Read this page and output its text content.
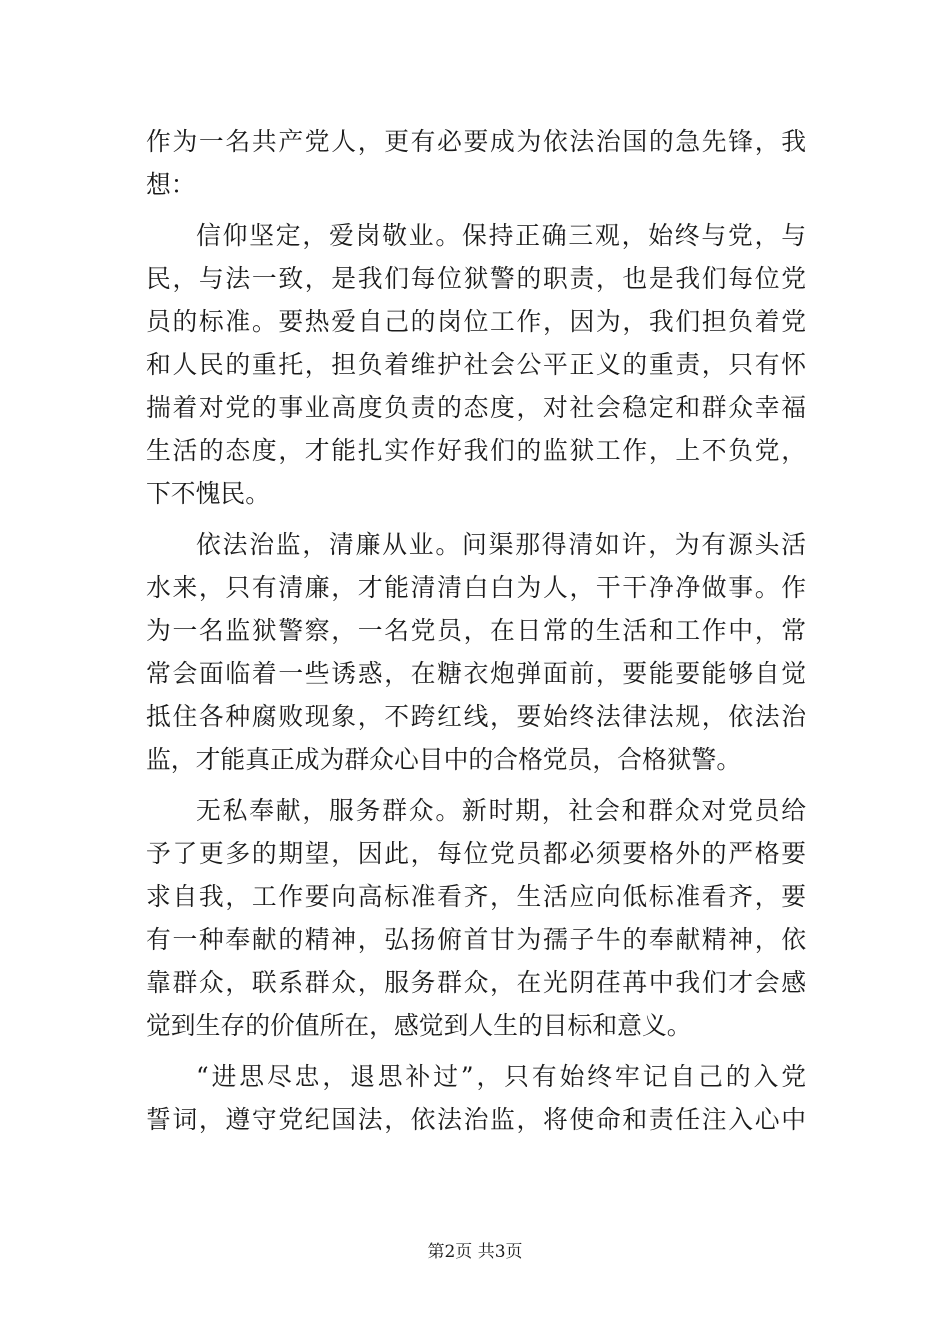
作为一名共产党人，更有必要成为依法治国的急先锋，我
想：
信仰坚定，爱岗敬业。保持正确三观，始终与党，与
民，与法一致，是我们每位狱警的职责，也是我们每位党
员的标准。要热爱自己的岗位工作，因为，我们担负着党
和人民的重托，担负着维护社会公平正义的重责，只有怀
揣着对党的事业高度负责的态度，对社会稳定和群众幸福
生活的态度，才能扎实作好我们的监狱工作，上不负党，
下不愧民。
依法治监，清廉从业。问渠那得清如许，为有源头活
水来，只有清廉，才能清清白白为人，干干净净做事。作
为一名监狱警察，一名党员，在日常的生活和工作中，常
常会面临着一些诱惑，在糖衣炮弹面前，要能要能够自觉
抵住各种腐败现象，不跨红线，要始终法律法规，依法治
监，才能真正成为群众心目中的合格党员，合格狱警。
无私奉献，服务群众。新时期，社会和群众对党员给
予了更多的期望，因此，每位党员都必须要格外的严格要
求自我，工作要向高标准看齐，生活应向低标准看齐，要
有一种奉献的精神，弘扬俯首甘为孺子牛的奉献精神，依
靠群众，联系群众，服务群众，在光阴荏苒中我们才会感
觉到生存的价值所在，感觉到人生的目标和意义。
“进思尽忠，退思补过”，只有始终牢记自己的入党
誓词，遵守党纪国法，依法治监，将使命和责任注入心中
第2页 共3页
